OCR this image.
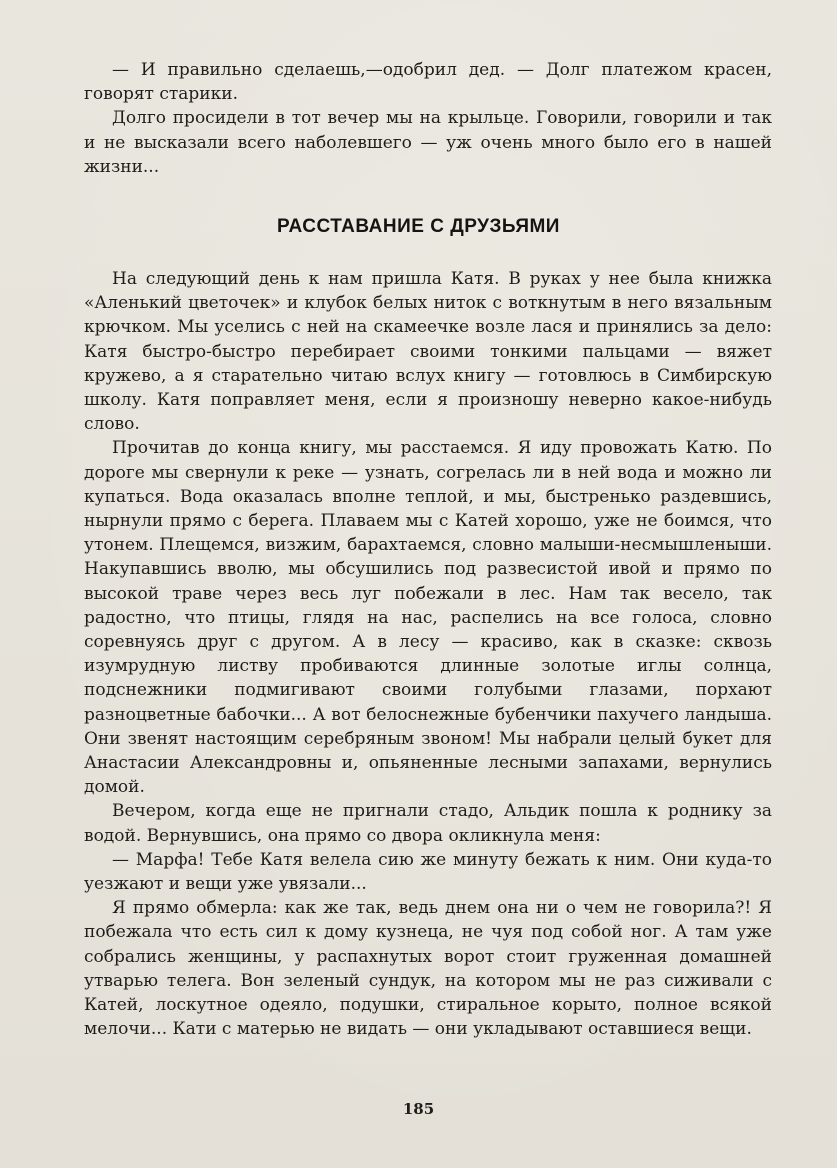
— И правильно сделаешь,—одобрил дед. — Долг платежом красен, говорят старики.

Долго просидели в тот вечер мы на крыльце. Говорили, говорили и так и не высказали всего наболевшего — уж очень много было его в нашей жизни...

РАССТАВАНИЕ С ДРУЗЬЯМИ

На следующий день к нам пришла Катя. В руках у нее была книжка «Аленький цветочек» и клубок белых ниток с воткнутым в него вязальным крючком. Мы уселись с ней на скамеечке возле лася и принялись за дело: Катя быстро-быстро перебирает своими тонкими пальцами — вяжет кружево, а я старательно читаю вслух книгу — готовлюсь в Симбирскую школу. Катя поправляет меня, если я произношу неверно какое-нибудь слово.

Прочитав до конца книгу, мы расстаемся. Я иду провожать Катю. По дороге мы свернули к реке — узнать, согрелась ли в ней вода и можно ли купаться. Вода оказалась вполне теплой, и мы, быстренько раздевшись, нырнули прямо с берега. Плаваем мы с Катей хорошо, уже не боимся, что утонем. Плещемся, визжим, барахтаемся, словно малыши-несмышленыши. Накупавшись вволю, мы обсушились под развесистой ивой и прямо по высокой траве через весь луг побежали в лес. Нам так весело, так радостно, что птицы, глядя на нас, распелись на все голоса, словно соревнуясь друг с другом. А в лесу — красиво, как в сказке: сквозь изумрудную листву пробиваются длинные золотые иглы солнца, подснежники подмигивают своими голубыми глазами, порхают разноцветные бабочки... А вот белоснежные бубенчики пахучего ландыша. Они звенят настоящим серебряным звоном! Мы набрали целый букет для Анастасии Александровны и, опьяненные лесными запахами, вернулись домой.

Вечером, когда еще не пригнали стадо, Альдик пошла к роднику за водой. Вернувшись, она прямо со двора окликнула меня:

— Марфа! Тебе Катя велела сию же минуту бежать к ним. Они куда-то уезжают и вещи уже увязали...

Я прямо обмерла: как же так, ведь днем она ни о чем не говорила?! Я побежала что есть сил к дому кузнеца, не чуя под собой ног. А там уже собрались женщины, у распахнутых ворот стоит груженная домашней утварью телега. Вон зеленый сундук, на котором мы не раз сиживали с Катей, лоскутное одеяло, подушки, стиральное корыто, полное всякой мелочи... Кати с матерью не видать — они укладывают оставшиеся вещи.

185
